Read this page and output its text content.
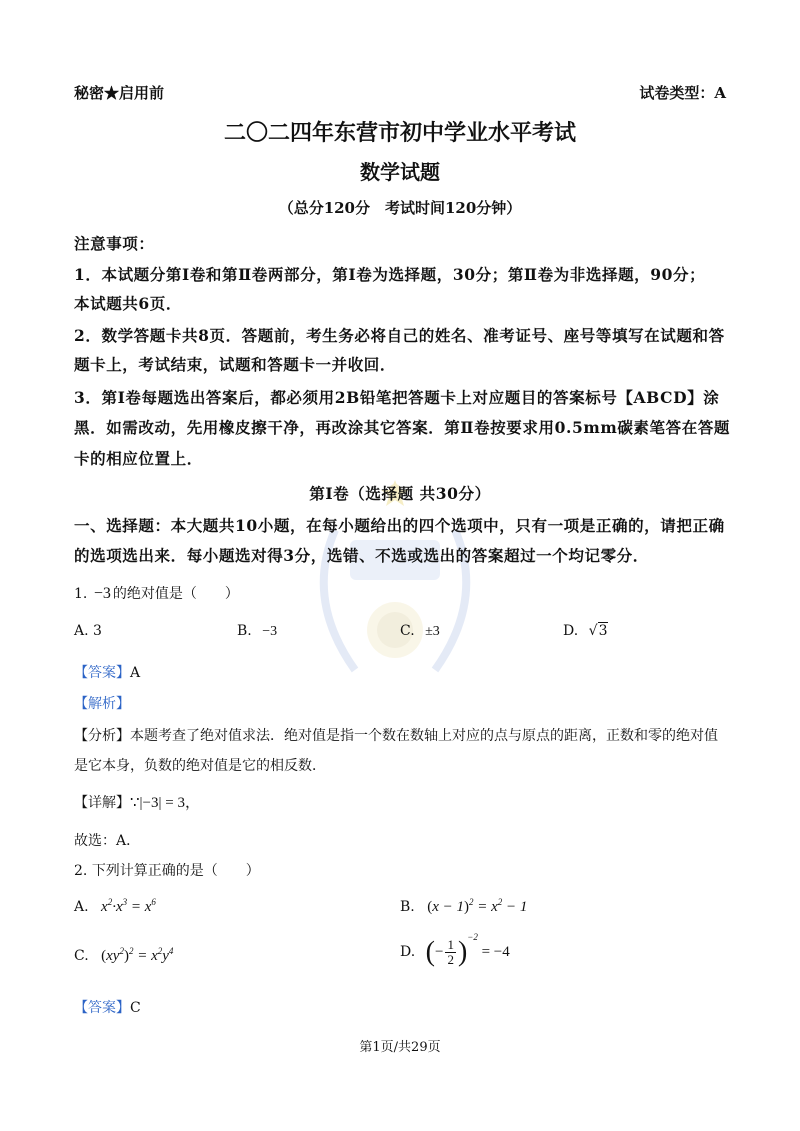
秘密★启用前	试卷类型：A
二〇二四年东营市初中学业水平考试
数学试题
（总分120分　考试时间120分钟）
注意事项：
1．本试题分第Ⅰ卷和第Ⅱ卷两部分，第Ⅰ卷为选择题，30分；第Ⅱ卷为非选择题，90分；
本试题共6页．
2．数学答题卡共8页．答题前，考生务必将自己的姓名、准考证号、座号等填写在试题和答
题卡上，考试结束，试题和答题卡一并收回．
3．第Ⅰ卷每题选出答案后，都必须用2B铅笔把答题卡上对应题目的答案标号【ABCD】涂
黑．如需改动，先用橡皮擦干净，再改涂其它答案．第Ⅱ卷按要求用0.5mm碳素笔答在答题
卡的相应位置上．
第Ⅰ卷（选择题 共30分）
一、选择题：本大题共10小题，在每小题给出的四个选项中，只有一项是正确的，请把正确
的选项选出来．每小题选对得3分，选错、不选或选出的答案超过一个均记零分．
1. −3 的绝对值是（　　）
A. 3	B. −3	C. ±3	D. √3
【答案】A
【解析】
【分析】本题考查了绝对值求法．绝对值是指一个数在数轴上对应的点与原点的距离，正数和零的绝对值
是它本身，负数的绝对值是它的相反数．
【详解】∵|−3| = 3，
故选：A．
2. 下列计算正确的是（　　）
A. $x^2\cdot x^3 = x^6$	B. $(x - 1)^2 = x^2 - 1$
C. $(xy^2)^2 = x^2y^4$	D. (− $\frac{1}{2} )^{-2} = -4$
【答案】C
第1页/共29页
